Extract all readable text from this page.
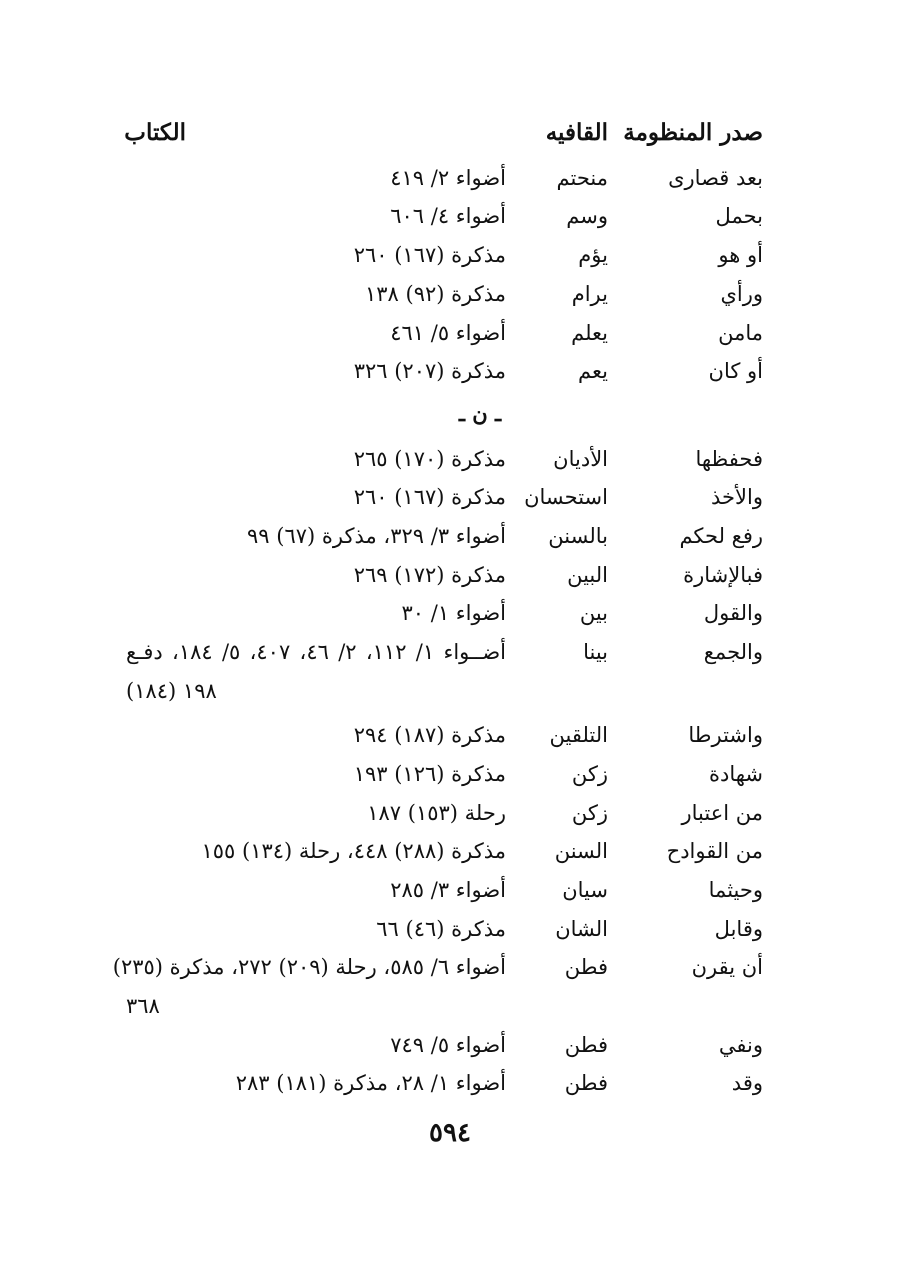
صدر المنظومة
القافيه
الكتاب
بعد قصارى
منحتم
أضواء ٢/ ٤١٩
بحمل
وسم
أضواء ٤/ ٦٠٦
أو هو
يؤم
مذكرة (١٦٧) ٢٦٠
ورأي
يرام
مذكرة (٩٢) ١٣٨
مامن
يعلم
أضواء ٥/ ٤٦١
أو كان
يعم
مذكرة (٢٠٧) ٣٢٦
ـ ن ـ
فحفظها
الأديان
مذكرة (١٧٠) ٢٦٥
والأخذ
استحسان
مذكرة (١٦٧) ٢٦٠
رفع لحكم
بالسنن
أضواء ٣/ ٣٢٩، مذكرة (٦٧) ٩٩
فبالإشارة
البين
مذكرة (١٧٢) ٢٦٩
والقول
بين
أضواء ١/ ٣٠
والجمع
بينا
أضــواء ١/ ١١٢، ٢/ ٤٦، ٤٠٧، ٥/ ١٨٤، دفـع
١٩٨ (١٨٤)
واشترطا
التلقين
مذكرة (١٨٧) ٢٩٤
شهادة
زكن
مذكرة (١٢٦) ١٩٣
من اعتبار
زكن
رحلة (١٥٣) ١٨٧
من القوادح
السنن
مذكرة (٢٨٨) ٤٤٨، رحلة (١٣٤) ١٥٥
وحيثما
سيان
أضواء ٣/ ٢٨٥
وقابل
الشان
مذكرة (٤٦) ٦٦
أن يقرن
فطن
أضواء ٦/ ٥٨٥، رحلة (٢٠٩) ٢٧٢، مذكرة (٢٣٥)
٣٦٨
ونفي
فطن
أضواء ٥/ ٧٤٩
وقد
فطن
أضواء ١/ ٢٨، مذكرة (١٨١) ٢٨٣
٥٩٤
